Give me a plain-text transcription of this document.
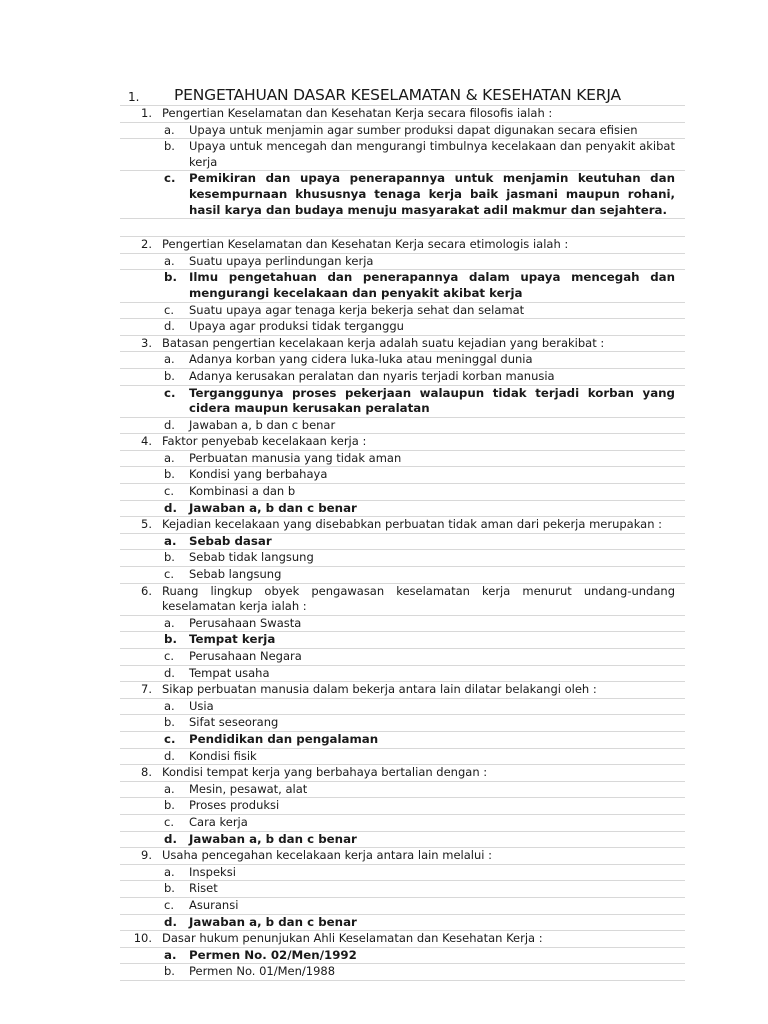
1. PENGETAHUAN DASAR KESELAMATAN & KESEHATAN KERJA
1. Pengertian Keselamatan dan Kesehatan Kerja secara filosofis ialah :
a. Upaya untuk menjamin agar sumber produksi dapat digunakan secara efisien
b. Upaya untuk mencegah dan mengurangi timbulnya kecelakaan dan penyakit akibat kerja
c. Pemikiran dan upaya penerapannya untuk menjamin keutuhan dan kesempurnaan khususnya tenaga kerja baik jasmani maupun rohani, hasil karya dan budaya menuju masyarakat adil makmur dan sejahtera.
2. Pengertian Keselamatan dan Kesehatan Kerja secara etimologis ialah :
a. Suatu upaya perlindungan kerja
b. Ilmu pengetahuan dan penerapannya dalam upaya mencegah dan mengurangi kecelakaan dan penyakit akibat kerja
c. Suatu upaya agar tenaga kerja bekerja sehat dan selamat
d. Upaya agar produksi tidak terganggu
3. Batasan pengertian kecelakaan kerja adalah suatu kejadian yang berakibat :
a. Adanya korban yang cidera luka-luka atau meninggal dunia
b. Adanya kerusakan peralatan dan nyaris terjadi korban manusia
c. Terganggunya proses pekerjaan walaupun tidak terjadi korban yang cidera maupun kerusakan peralatan
d. Jawaban a, b dan c benar
4. Faktor penyebab kecelakaan kerja :
a. Perbuatan manusia yang tidak aman
b. Kondisi yang berbahaya
c. Kombinasi a dan b
d. Jawaban a, b dan c benar
5. Kejadian kecelakaan yang disebabkan perbuatan tidak aman dari pekerja merupakan :
a. Sebab dasar
b. Sebab tidak langsung
c. Sebab langsung
6. Ruang lingkup obyek pengawasan keselamatan kerja menurut undang-undang keselamatan kerja ialah :
a. Perusahaan Swasta
b. Tempat kerja
c. Perusahaan Negara
d. Tempat usaha
7. Sikap perbuatan manusia dalam bekerja antara lain dilatar belakangi oleh :
a. Usia
b. Sifat seseorang
c. Pendidikan dan pengalaman
d. Kondisi fisik
8. Kondisi tempat kerja yang berbahaya bertalian dengan :
a. Mesin, pesawat, alat
b. Proses produksi
c. Cara kerja
d. Jawaban a, b dan c benar
9. Usaha pencegahan kecelakaan kerja antara lain melalui :
a. Inspeksi
b. Riset
c. Asuransi
d. Jawaban a, b dan c benar
10. Dasar hukum penunjukan Ahli Keselamatan dan Kesehatan Kerja :
a. Permen No. 02/Men/1992
b. Permen No. 01/Men/1988
